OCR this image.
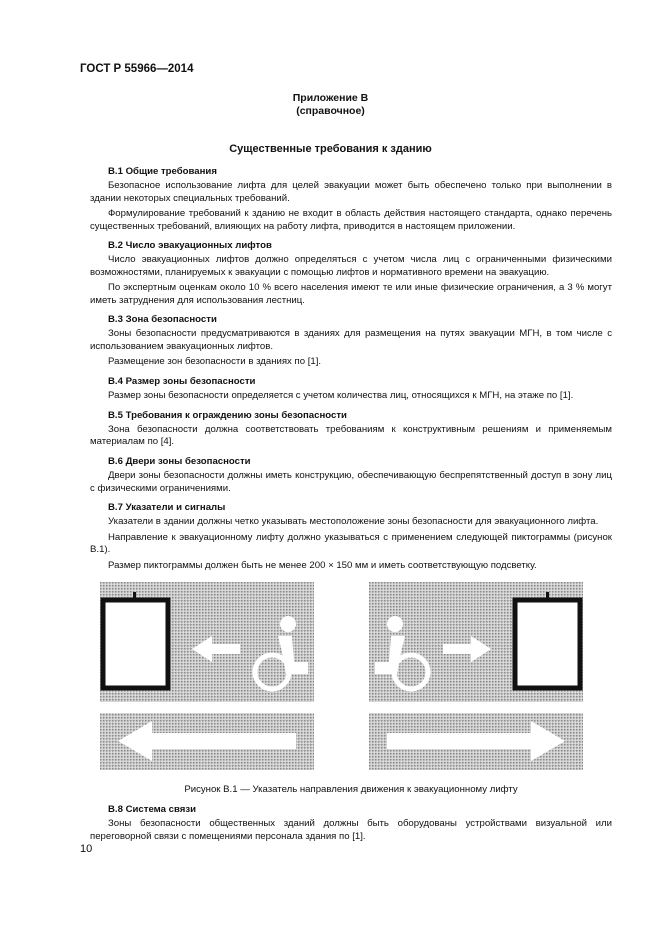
ГОСТ Р 55966—2014
Приложение В
(справочное)
Существенные требования к зданию
В.1 Общие требования

Безопасное использование лифта для целей эвакуации может быть обеспечено только при выполнении в здании некоторых специальных требований.

Формулирование требований к зданию не входит в область действия настоящего стандарта, однако перечень существенных требований, влияющих на работу лифта, приводится в настоящем приложении.

В.2 Число эвакуационных лифтов

Число эвакуационных лифтов должно определяться с учетом числа лиц с ограниченными физическими возможностями, планируемых к эвакуации с помощью лифтов и нормативного времени на эвакуацию.

По экспертным оценкам около 10 % всего населения имеют те или иные физические ограничения, а 3 % могут иметь затруднения для использования лестниц.

В.3 Зона безопасности

Зоны безопасности предусматриваются в зданиях для размещения на путях эвакуации МГН, в том числе с использованием эвакуационных лифтов.

Размещение зон безопасности в зданиях по [1].

В.4 Размер зоны безопасности

Размер зоны безопасности определяется с учетом количества лиц, относящихся к МГН, на этаже по [1].

В.5 Требования к ограждению зоны безопасности

Зона безопасности должна соответствовать требованиям к конструктивным решениям и применяемым материалам по [4].

В.6 Двери зоны безопасности

Двери зоны безопасности должны иметь конструкцию, обеспечивающую беспрепятственный доступ в зону лиц с физическими ограничениями.

В.7 Указатели и сигналы

Указатели в здании должны четко указывать местоположение зоны безопасности для эвакуационного лифта.

Направление к эвакуационному лифту должно указываться с применением следующей пиктограммы (рисунок В.1).

Размер пиктограммы должен быть не менее 200 × 150 мм и иметь соответствующую подсветку.

Рисунок В.1 — Указатель направления движения к эвакуационному лифту
В.8 Система связи

Зоны безопасности общественных зданий должны быть оборудованы устройствами визуальной или переговорной связи с помещениями персонала здания по [1].

10
